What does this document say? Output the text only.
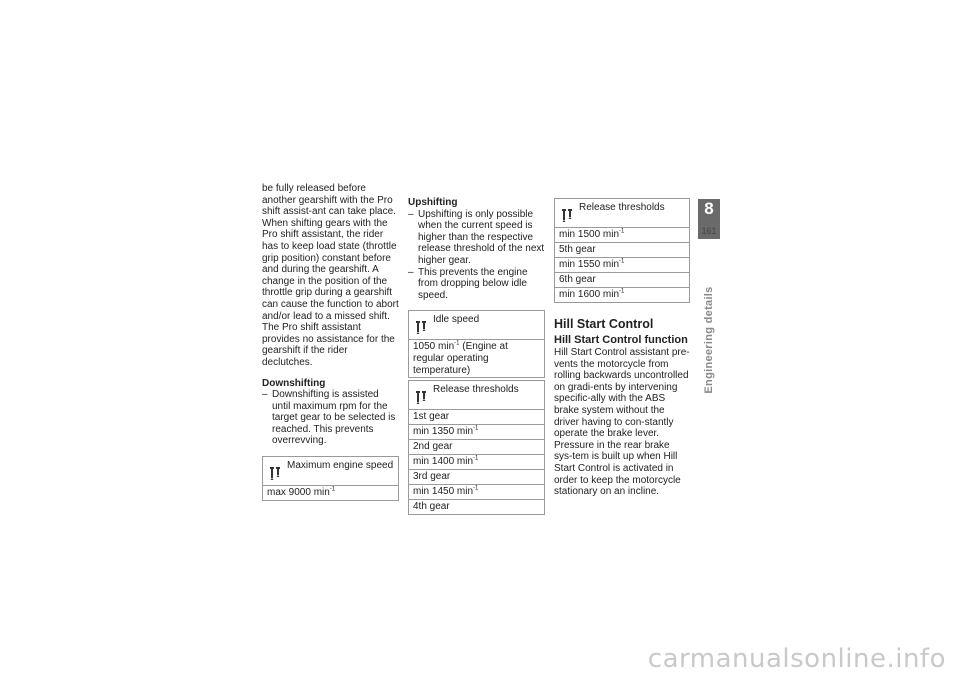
be fully released before another gearshift with the Pro shift assist-ant can take place. When shifting gears with the Pro shift assistant, the rider has to keep load state (throttle grip position) constant before and during the gearshift. A change in the position of the throttle grip during a gearshift can cause the function to abort and/or lead to a missed shift. The Pro shift assistant provides no assistance for the gearshift if the rider declutches.

Downshifting
– Downshifting is assisted until maximum rpm for the target gear to be selected is reached. This prevents overrevving.
Maximum engine speed
max 9000 $\min^{-1}$
Upshifting
– Upshifting is only possible when the current speed is higher than the respective release threshold of the next higher gear.
– This prevents the engine from dropping below idle speed.
Idle speed
1050 $\min^{-1}$ (Engine at regular operating temperature)
Release thresholds
1st gear
min 1350 $\min^{-1}$
2nd gear
min 1400 $\min^{-1}$
3rd gear
min 1450 $\min^{-1}$
4th gear
Release thresholds
min 1500 $\min^{-1}$
5th gear
min 1550 $\min^{-1}$
6th gear
min 1600 $\min^{-1}$
Hill Start Control
Hill Start Control function

Hill Start Control assistant pre-vents the motorcycle from rolling backwards uncontrolled on gradi-ents by intervening specific-ally with the ABS brake system without the driver having to con-stantly operate the brake lever. Pressure in the rear brake sys-tem is built up when Hill Start Control is activated in order to keep the motorcycle stationary on an incline.

8
161
Engineering details
carmanualsonline.info
